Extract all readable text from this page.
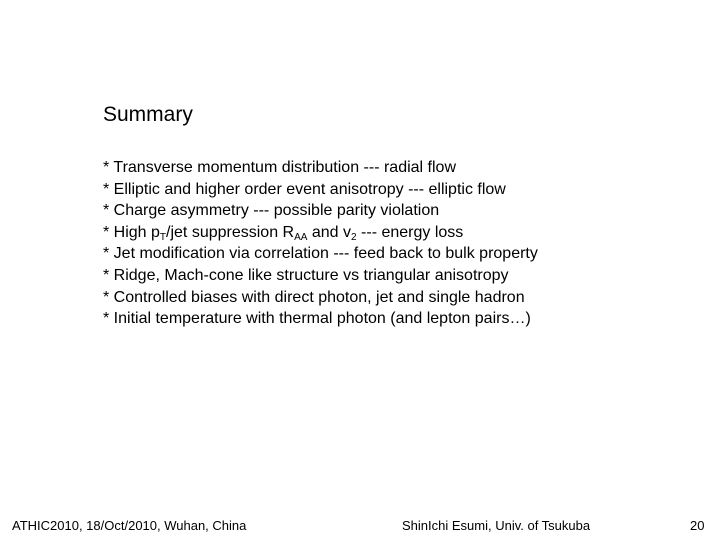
Summary
* Transverse momentum distribution --- radial flow
* Elliptic and higher order event anisotropy --- elliptic flow
* Charge asymmetry --- possible parity violation
* High $p_T$/jet suppression $R_{AA}$ and $v_2$ --- energy loss
* Jet modification via correlation --- feed back to bulk property
* Ridge, Mach-cone like structure vs triangular anisotropy
* Controlled biases with direct photon, jet and single hadron
* Initial temperature with thermal photon (and lepton pairs…)
ATHIC2010, 18/Oct/2010, Wuhan, China	ShinIchi Esumi, Univ. of Tsukuba	20
